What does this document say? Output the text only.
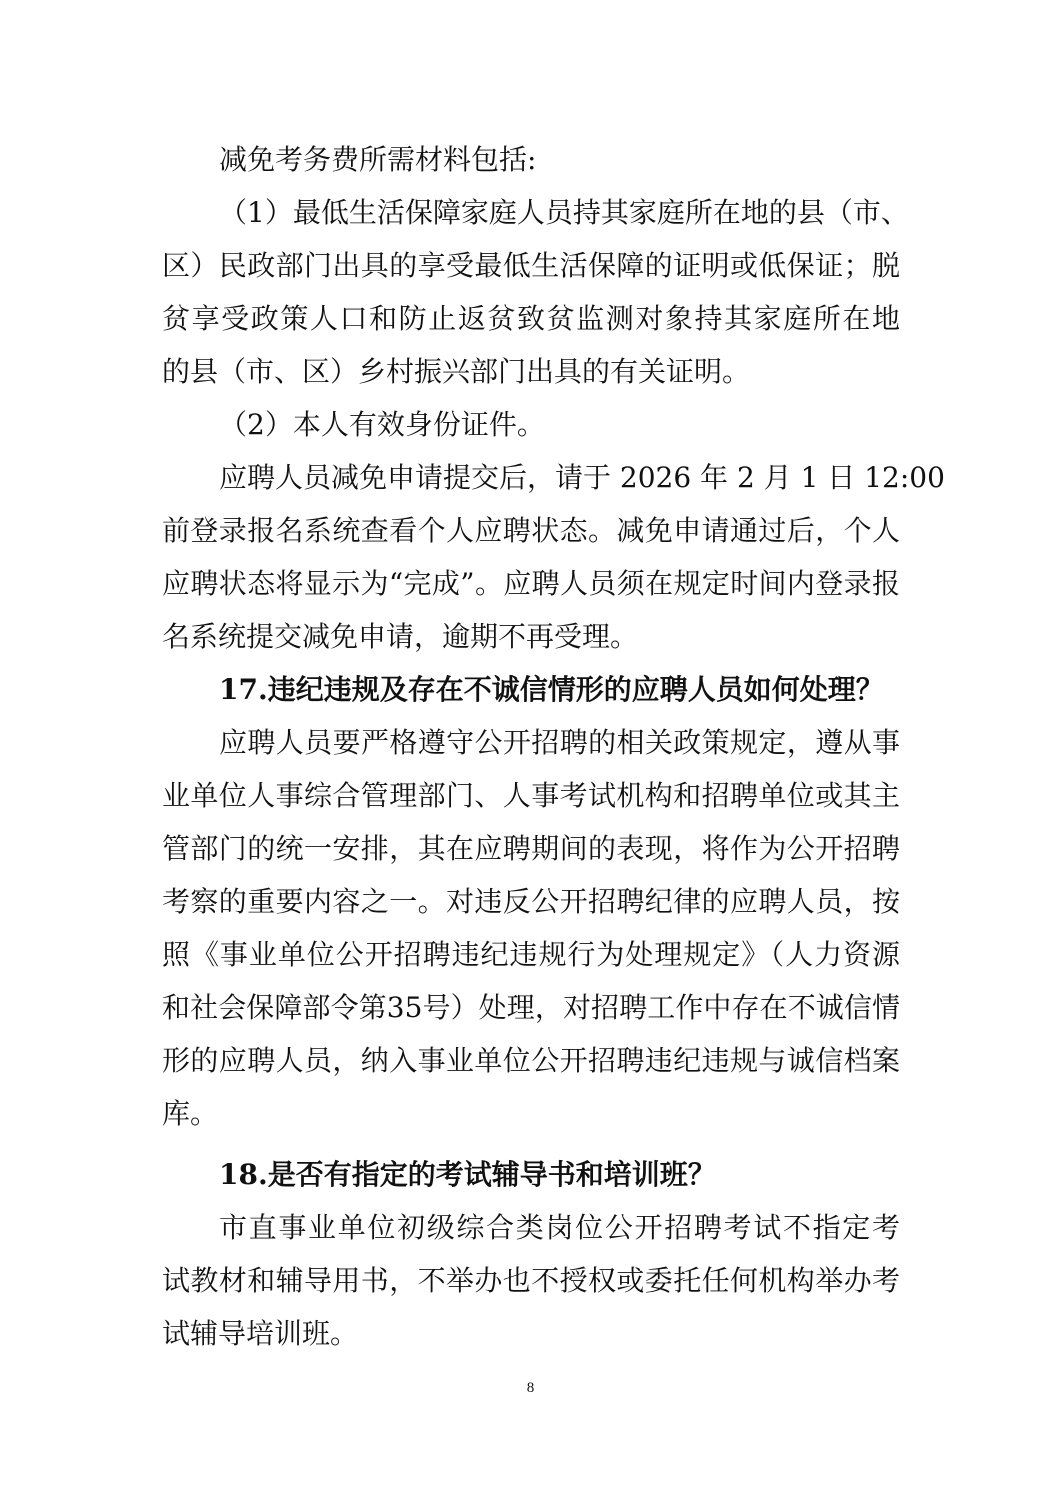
减免考务费所需材料包括:
（1）最低生活保障家庭人员持其家庭所在地的县（市、
区）民政部门出具的享受最低生活保障的证明或低保证；脱
贫享受政策人口和防止返贫致贫监测对象持其家庭所在地
的县（市、区）乡村振兴部门出具的有关证明。
（2）本人有效身份证件。
应聘人员减免申请提交后，请于 2026 年 2 月 1 日 12:00
前登录报名系统查看个人应聘状态。减免申请通过后，个人
应聘状态将显示为“完成”。应聘人员须在规定时间内登录报
名系统提交减免申请，逾期不再受理。
17.违纪违规及存在不诚信情形的应聘人员如何处理？
应聘人员要严格遵守公开招聘的相关政策规定，遵从事
业单位人事综合管理部门、人事考试机构和招聘单位或其主
管部门的统一安排，其在应聘期间的表现，将作为公开招聘
考察的重要内容之一。对违反公开招聘纪律的应聘人员，按
照《事业单位公开招聘违纪违规行为处理规定》（人力资源
和社会保障部令第35号）处理，对招聘工作中存在不诚信情
形的应聘人员，纳入事业单位公开招聘违纪违规与诚信档案
库。
18.是否有指定的考试辅导书和培训班？
市直事业单位初级综合类岗位公开招聘考试不指定考
试教材和辅导用书，不举办也不授权或委托任何机构举办考
试辅导培训班。
8
